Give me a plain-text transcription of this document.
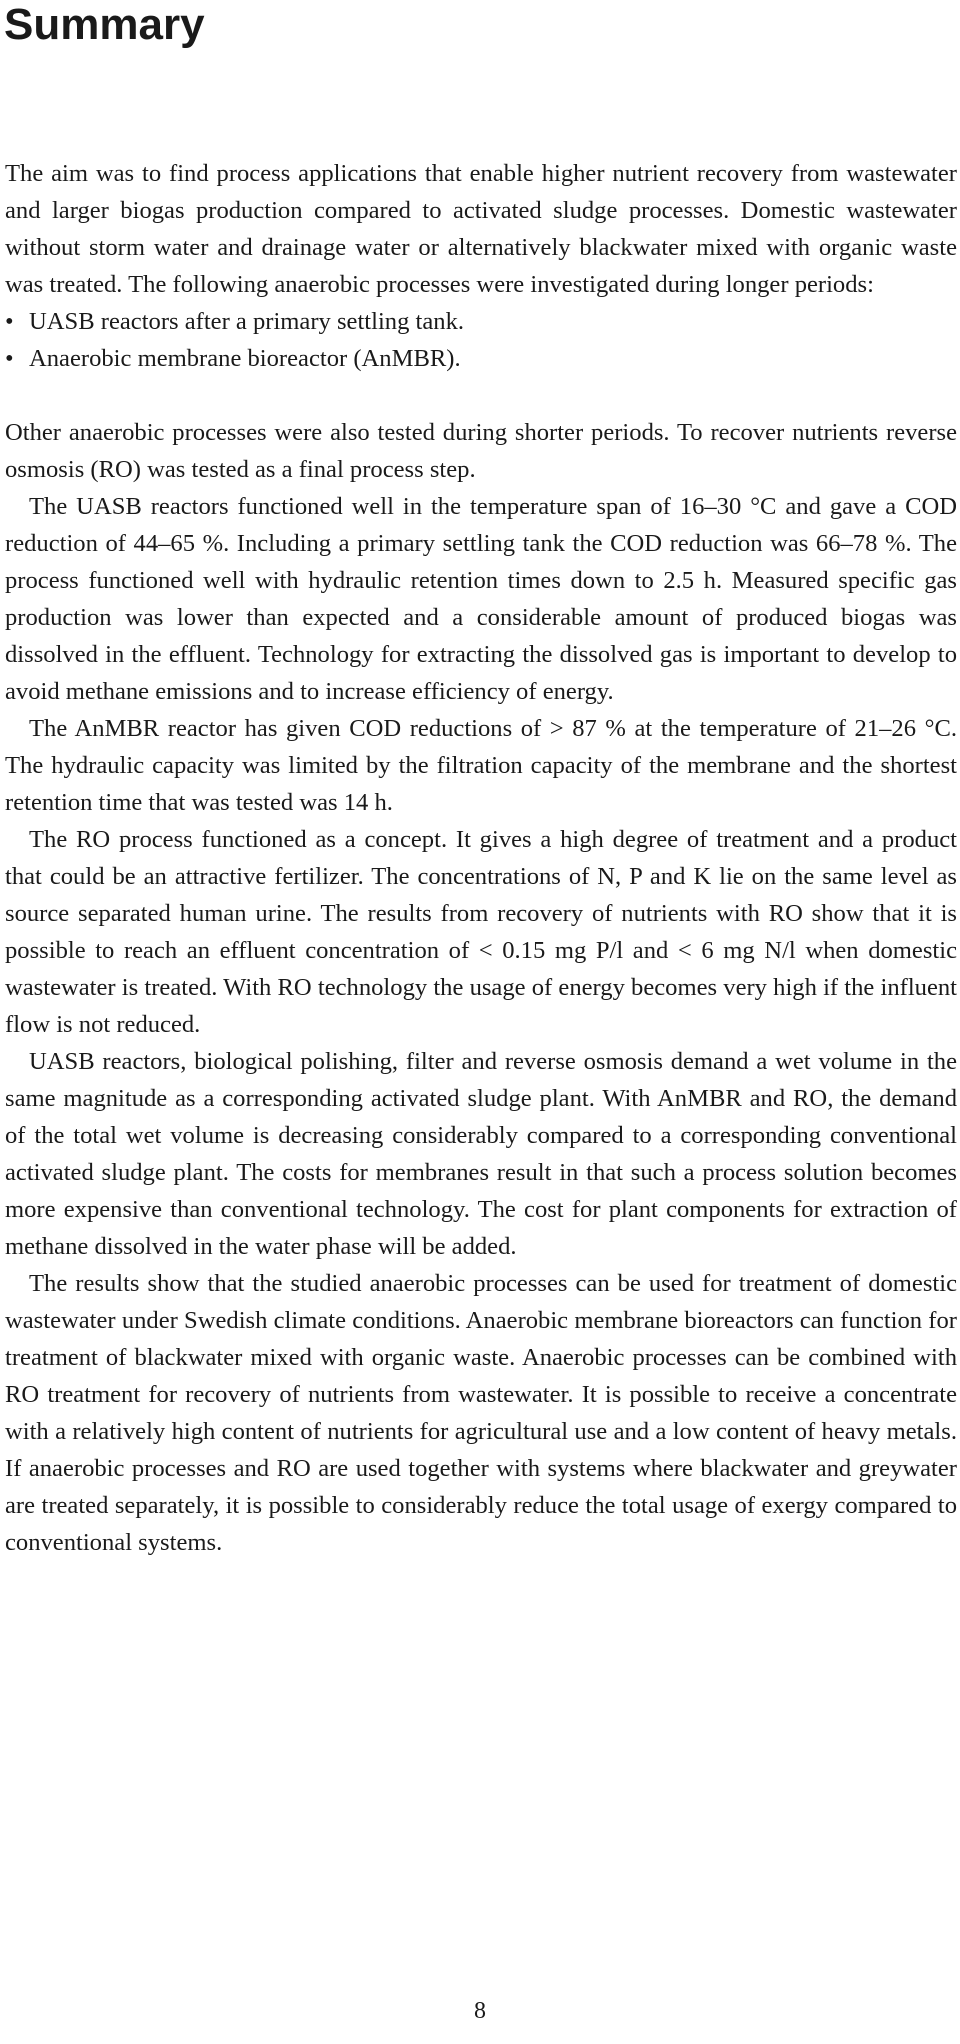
Summary

The aim was to find process applications that enable higher nutrient recovery from wastewater and larger biogas production compared to activated sludge processes. Domestic wastewater without storm water and drainage water or alternatively blackwater mixed with organic waste was treated. The following anaerobic processes were investigated during longer periods:

• UASB reactors after a primary settling tank.
• Anaerobic membrane bioreactor (AnMBR).

Other anaerobic processes were also tested during shorter periods. To recover nutrients reverse osmosis (RO) was tested as a final process step.

The UASB reactors functioned well in the temperature span of 16–30 °C and gave a COD reduction of 44–65 %. Including a primary settling tank the COD reduction was 66–78 %. The process functioned well with hydraulic retention times down to 2.5 h. Measured specific gas production was lower than expected and a considerable amount of produced biogas was dissolved in the effluent. Technology for extracting the dissolved gas is important to develop to avoid methane emissions and to increase efficiency of energy.

The AnMBR reactor has given COD reductions of > 87 % at the temperature of 21–26 °C. The hydraulic capacity was limited by the filtration capacity of the membrane and the shortest retention time that was tested was 14 h.

The RO process functioned as a concept. It gives a high degree of treatment and a product that could be an attractive fertilizer. The concentrations of N, P and K lie on the same level as source separated human urine. The results from recovery of nutrients with RO show that it is possible to reach an effluent concentration of < 0.15 mg P/l and < 6 mg N/l when domestic wastewater is treated. With RO technology the usage of energy becomes very high if the influent flow is not reduced.

UASB reactors, biological polishing, filter and reverse osmosis demand a wet volume in the same magnitude as a corresponding activated sludge plant. With AnMBR and RO, the demand of the total wet volume is decreasing considerably compared to a corresponding conventional activated sludge plant. The costs for membranes result in that such a process solution becomes more expensive than conventional technology. The cost for plant components for extraction of methane dissolved in the water phase will be added.

The results show that the studied anaerobic processes can be used for treatment of domestic wastewater under Swedish climate conditions. Anaerobic membrane bioreactors can function for treatment of blackwater mixed with organic waste. Anaerobic processes can be combined with RO treatment for recovery of nutrients from wastewater. It is possible to receive a concentrate with a relatively high content of nutrients for agricultural use and a low content of heavy metals. If anaerobic processes and RO are used together with systems where blackwater and greywater are treated separately, it is possible to considerably reduce the total usage of exergy compared to conventional systems.

8
